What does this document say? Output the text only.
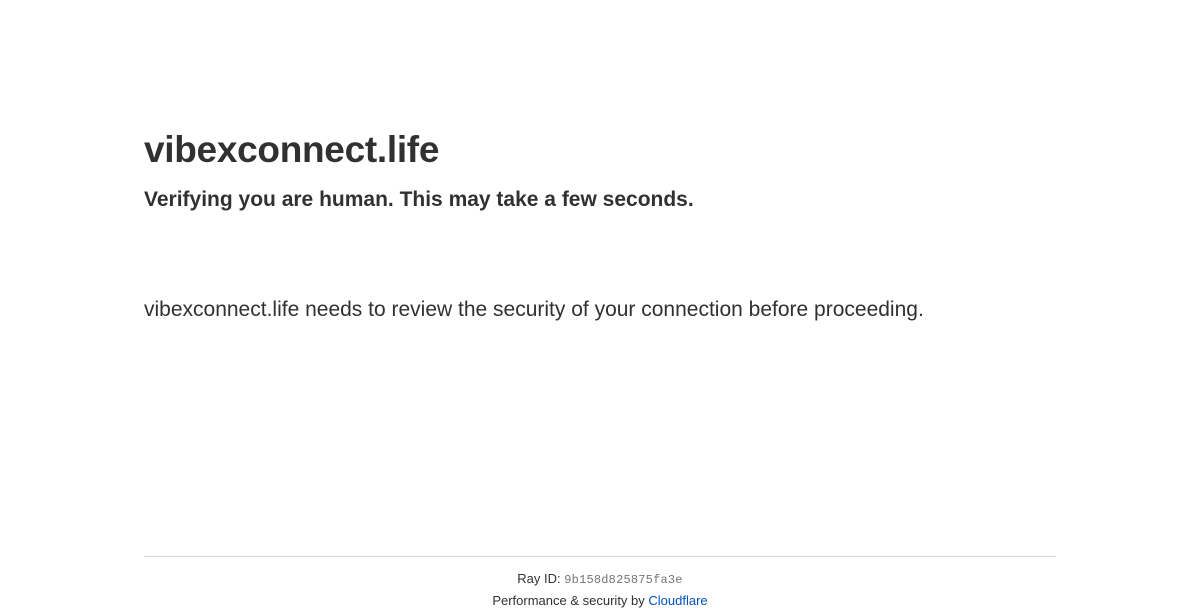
vibexconnect.life
Verifying you are human. This may take a few seconds.

vibexconnect.life needs to review the security of your connection before proceeding.

Ray ID: 9b158d825875fa3e
Performance & security by Cloudflare
